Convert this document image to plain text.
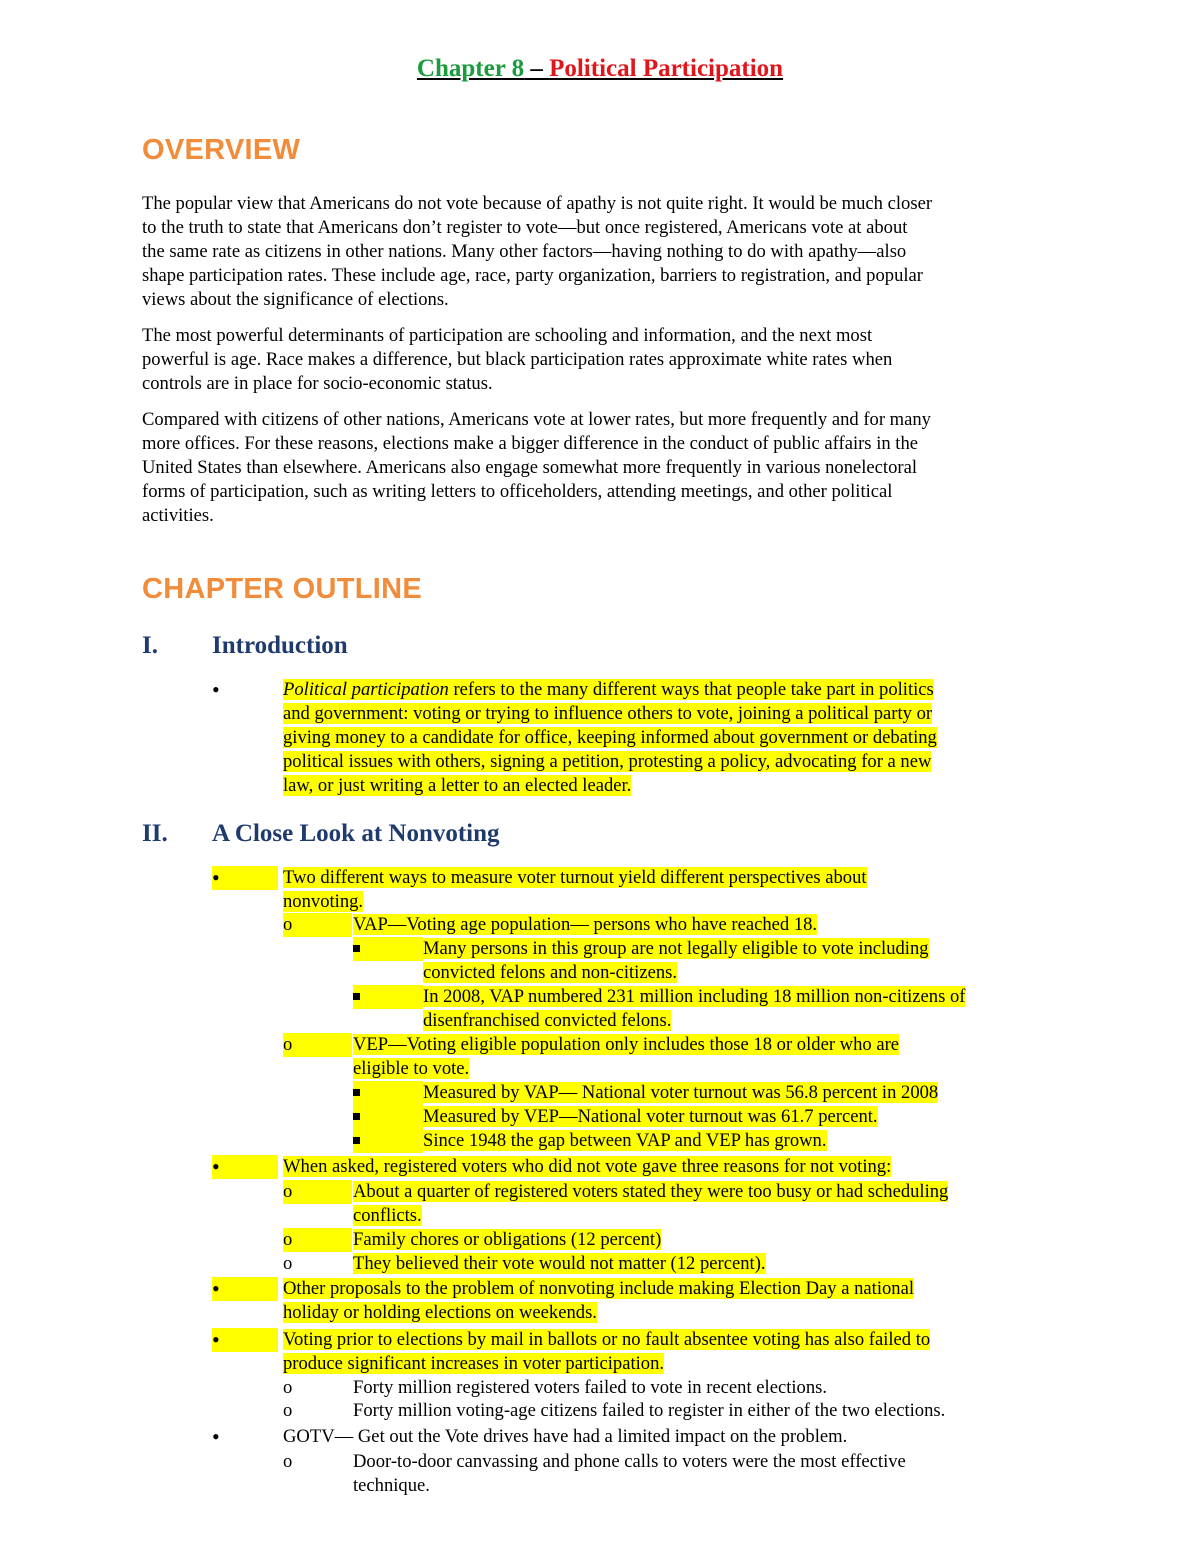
Chapter 8 – Political Participation
OVERVIEW
The popular view that Americans do not vote because of apathy is not quite right. It would be much closer
to the truth to state that Americans don’t register to vote—but once registered, Americans vote at about
the same rate as citizens in other nations. Many other factors—having nothing to do with apathy—also
shape participation rates. These include age, race, party organization, barriers to registration, and popular
views about the significance of elections.
The most powerful determinants of participation are schooling and information, and the next most
powerful is age. Race makes a difference, but black participation rates approximate white rates when
controls are in place for socio-economic status.
Compared with citizens of other nations, Americans vote at lower rates, but more frequently and for many
more offices. For these reasons, elections make a bigger difference in the conduct of public affairs in the
United States than elsewhere. Americans also engage somewhat more frequently in various nonelectoral
forms of participation, such as writing letters to officeholders, attending meetings, and other political
activities.
CHAPTER OUTLINE
I. Introduction
•	Political participation refers to the many different ways that people take part in politics
and government: voting or trying to influence others to vote, joining a political party or
giving money to a candidate for office, keeping informed about government or debating
political issues with others, signing a petition, protesting a policy, advocating for a new
law, or just writing a letter to an elected leader.
II. A Close Look at Nonvoting
•	Two different ways to measure voter turnout yield different perspectives about
nonvoting.
o	VAP—Voting age population— persons who have reached 18.
Many persons in this group are not legally eligible to vote including
convicted felons and non-citizens.
In 2008, VAP numbered 231 million including 18 million non-citizens of
disenfranchised convicted felons.
o	VEP—Voting eligible population only includes those 18 or older who are
eligible to vote.
Measured by VAP— National voter turnout was 56.8 percent in 2008
Measured by VEP—National voter turnout was 61.7 percent.
Since 1948 the gap between VAP and VEP has grown.
•	When asked, registered voters who did not vote gave three reasons for not voting:
o	About a quarter of registered voters stated they were too busy or had scheduling
conflicts.
o	Family chores or obligations (12 percent)
o	They believed their vote would not matter (12 percent).
•	Other proposals to the problem of nonvoting include making Election Day a national
holiday or holding elections on weekends.
•	Voting prior to elections by mail in ballots or no fault absentee voting has also failed to
produce significant increases in voter participation.
o	Forty million registered voters failed to vote in recent elections.
o	Forty million voting-age citizens failed to register in either of the two elections.
•	GOTV— Get out the Vote drives have had a limited impact on the problem.
o	Door-to-door canvassing and phone calls to voters were the most effective
technique.
